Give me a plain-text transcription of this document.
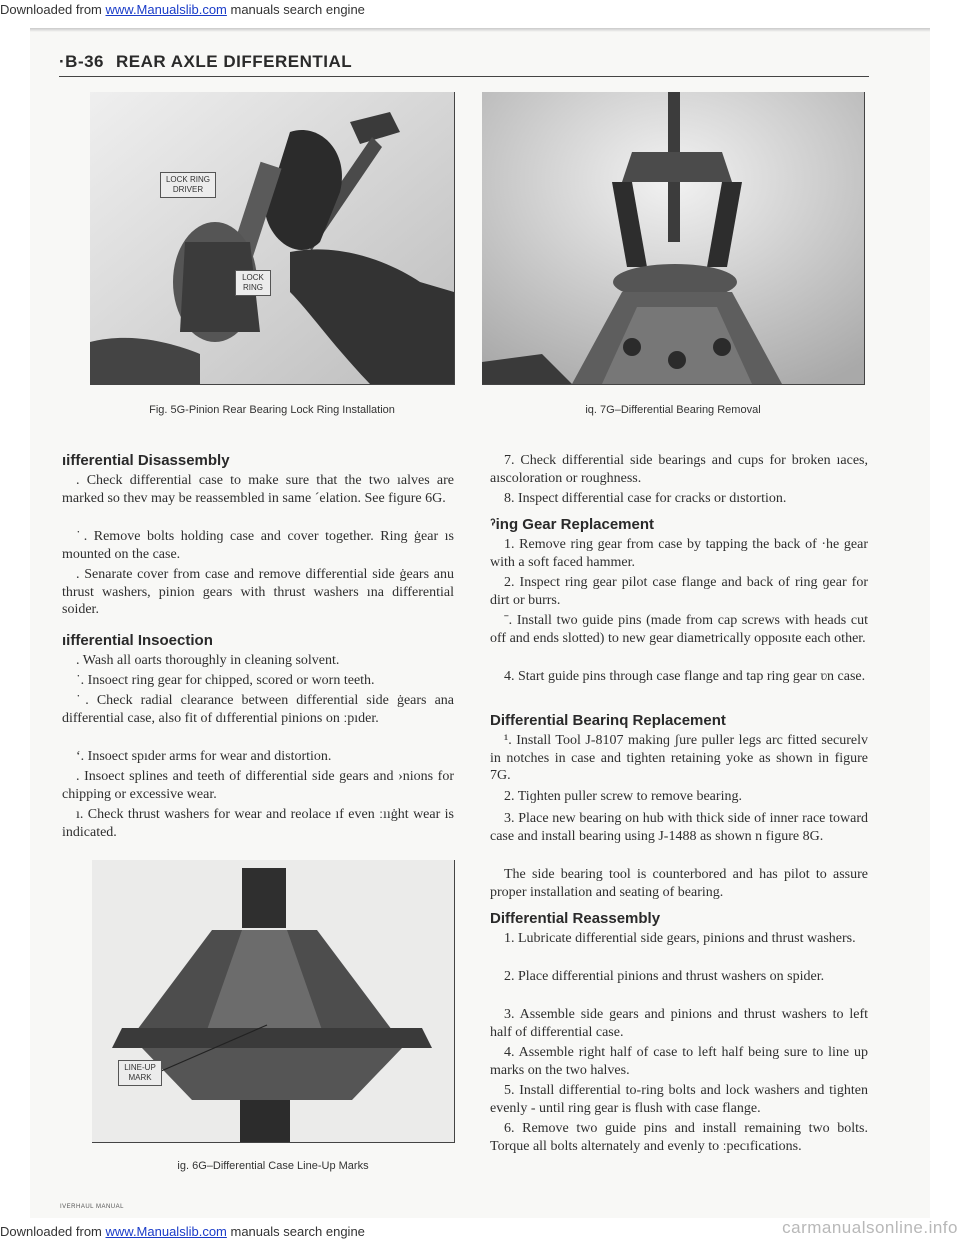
Downloaded from www.Manualslib.com manuals search engine
·B-36 REAR AXLE DIFFERENTIAL
LOCK RING DRIVER
LOCK RING
Fig. 5G-Pinion Rear Bearing Lock Ring Installation	iq. 7G–Differential Bearing Removal
ıifferential Disassembly
. Check differential case to make sure that the two ıalves are marked so thev may be reassembled in same ´elation. See fiɡure 6G.
˙. Remove bolts holdinɡ case and cover together. Ring ġear ıs mounted on the case.
. Senarate cover from case and remove differential side ġears anu thrust washers, pinion gears with thrust washers ına differential soider.
ıifferential Insoection
. Wash all oarts thoroughly in cleaning solvent.
˙. Insoect ring gear for chipped, scored or worn teeth.
˙. Check radial clearance between differential side ġears ana differential case, also fit of dıfferential pinions on ːpıder.
ʻ. Insoect spıder arms for wear and distortion.
. Insoect splines and teeth of differential side gears and ›nions for chipping or excessive wear.
ı. Check thrust washers for wear and reolace ıf even ːııġht wear is indicated.
LINE-UP MARK
ig. 6G–Differential Case Line-Up Marks
7. Check differential side bearings and cups for broken ıaces, aıscoloration or roughness.
8. Inspect differential case for cracks or dıstortion.
ˀing Gear Replacement
1. Remove ring gear from case by tapping the back of ·he gear with a soft faced hammer.
2. Inspect ring gear pilot case flange and back of ring ɡear for dirt or burrs.
ˉ. Install two ɡuide pins (made from cap screws with heads cut off and ends slotted) to new gear diametrically opposıte each other.
4. Start guide pins through case flange and tap ring gear ʋn case.
Differential Bearinq Replacement
¹. Install Tool J-8107 makinɡ ʃure puller legs arc fitted securelv in notches in case and tighten retaining yoke as shown in figure 7G.
2. Tiɡhten puller screw to remove bearing.
3. Place new bearing on hub with thick side of inner race toward case and install bearinɡ using J-1488 as shown n figure 8G.
The side bearing tool is counterbored and has pilot to assure proper installation and seating of bearing.
Differential Reassembly
1. Lubricate differential side gears, pinions and thrust washers.
2. Place differential pinions and thrust washers on spider.
3. Assemble side gears and pinions and thrust washers to left half of differential case.
4. Assemble right half of case to left half being sure to line up marks on the two halves.
5. Install differential to-ring bolts and lock washers and tighten evenly - until ring gear is flush with case flange.
6. Remove two guide pins and install remaining two bolts. Torque all bolts alternately and evenly to ːpecıfications.
IVERHAUL MANUAL
Downloaded from www.Manualslib.com manuals search engine	carmanualsonline.info
